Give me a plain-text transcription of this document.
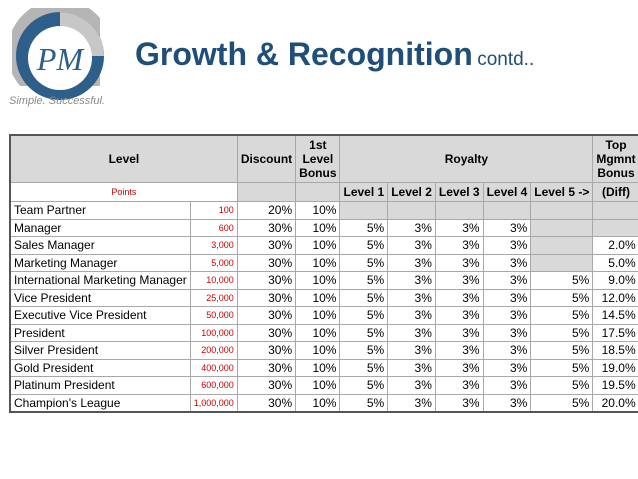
PM
Simple. Successful.
Growth & Recognition contd..
Level		Discount	1st Level Bonus	Royalty					Top Mgmnt Bonus
Points				Level 1	Level 2	Level 3	Level 4	Level 5 ->	(Diff)
Team Partner	100	20%	10%						
Manager	600	30%	10%	5%	3%	3%	3%		
Sales Manager	3,000	30%	10%	5%	3%	3%	3%		2.0%
Marketing Manager	5,000	30%	10%	5%	3%	3%	3%		5.0%
International Marketing Manager	10,000	30%	10%	5%	3%	3%	3%	5%	9.0%
Vice President	25,000	30%	10%	5%	3%	3%	3%	5%	12.0%
Executive Vice President	50,000	30%	10%	5%	3%	3%	3%	5%	14.5%
President	100,000	30%	10%	5%	3%	3%	3%	5%	17.5%
Silver President	200,000	30%	10%	5%	3%	3%	3%	5%	18.5%
Gold President	400,000	30%	10%	5%	3%	3%	3%	5%	19.0%
Platinum President	600,000	30%	10%	5%	3%	3%	3%	5%	19.5%
Champion's League	1,000,000	30%	10%	5%	3%	3%	3%	5%	20.0%
